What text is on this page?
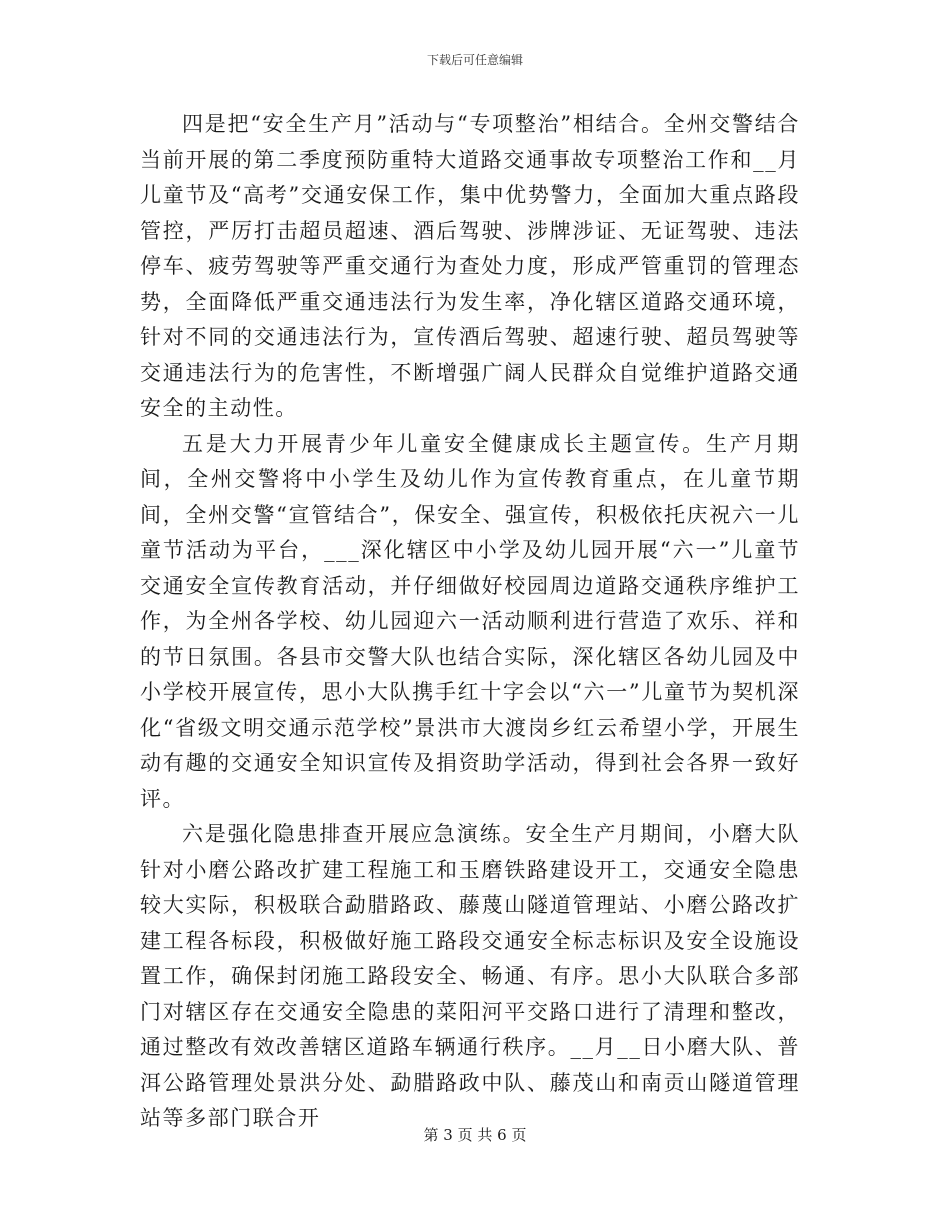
下载后可任意编辑

四是把“安全生产月”活动与“专项整治”相结合。全州交警结合当前开展的第二季度预防重特大道路交通事故专项整治工作和__月儿童节及“高考”交通安保工作，集中优势警力，全面加大重点路段管控，严厉打击超员超速、酒后驾驶、涉牌涉证、无证驾驶、违法停车、疲劳驾驶等严重交通行为查处力度，形成严管重罚的管理态势，全面降低严重交通违法行为发生率，净化辖区道路交通环境，针对不同的交通违法行为，宣传酒后驾驶、超速行驶、超员驾驶等交通违法行为的危害性，不断增强广阔人民群众自觉维护道路交通安全的主动性。

五是大力开展青少年儿童安全健康成长主题宣传。生产月期间，全州交警将中小学生及幼儿作为宣传教育重点，在儿童节期间，全州交警“宣管结合”，保安全、强宣传，积极依托庆祝六一儿童节活动为平台，___深化辖区中小学及幼儿园开展“六一”儿童节交通安全宣传教育活动，并仔细做好校园周边道路交通秩序维护工作，为全州各学校、幼儿园迎六一活动顺利进行营造了欢乐、祥和的节日氛围。各县市交警大队也结合实际，深化辖区各幼儿园及中小学校开展宣传，思小大队携手红十字会以“六一”儿童节为契机深化“省级文明交通示范学校”景洪市大渡岗乡红云希望小学，开展生动有趣的交通安全知识宣传及捐资助学活动，得到社会各界一致好评。

六是强化隐患排查开展应急演练。安全生产月期间，小磨大队针对小磨公路改扩建工程施工和玉磨铁路建设开工，交通安全隐患较大实际，积极联合勐腊路政、藤蔑山隧道管理站、小磨公路改扩建工程各标段，积极做好施工路段交通安全标志标识及安全设施设置工作，确保封闭施工路段安全、畅通、有序。思小大队联合多部门对辖区存在交通安全隐患的菜阳河平交路口进行了清理和整改，通过整改有效改善辖区道路车辆通行秩序。__月__日小磨大队、普洱公路管理处景洪分处、勐腊路政中队、藤茂山和南贡山隧道管理站等多部门联合开

第 3 页 共 6 页
